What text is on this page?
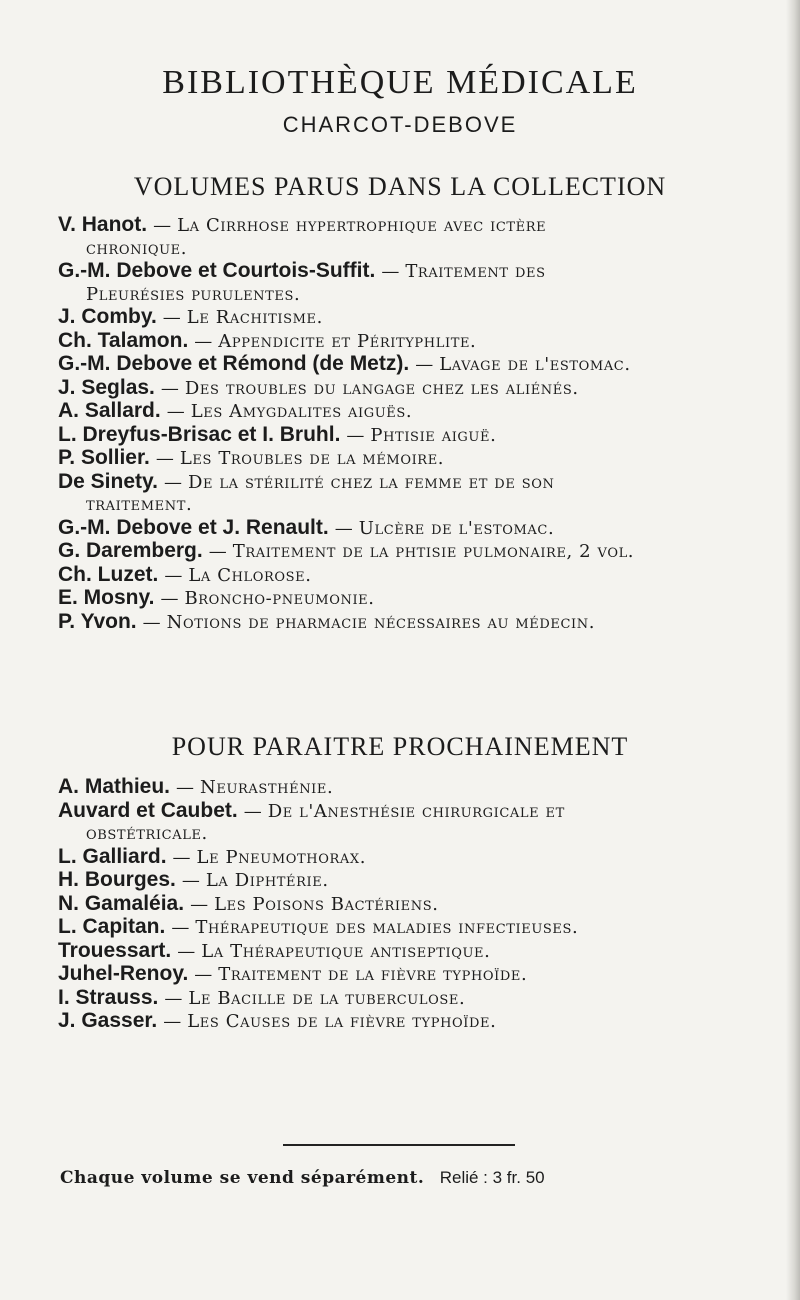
BIBLIOTHÈQUE MÉDICALE
CHARCOT-DEBOVE
VOLUMES PARUS DANS LA COLLECTION
V. Hanot. — La Cirrhose hypertrophique avec ictère
chronique.
G.-M. Debove et Courtois-Suffit. — Traitement des
Pleurésies purulentes.
J. Comby. — Le Rachitisme.
Ch. Talamon. — Appendicite et Pérityphlite.
G.-M. Debove et Rémond (de Metz). — Lavage de l'estomac.
J. Seglas. — Des troubles du langage chez les aliénés.
A. Sallard. — Les Amygdalites aiguës.
L. Dreyfus-Brisac et I. Bruhl. — Phtisie aiguë.
P. Sollier. — Les Troubles de la mémoire.
De Sinety. — De la stérilité chez la femme et de son
traitement.
G.-M. Debove et J. Renault. — Ulcère de l'estomac.
G. Daremberg. — Traitement de la phtisie pulmonaire, 2 vol.
Ch. Luzet. — La Chlorose.
E. Mosny. — Broncho-pneumonie.
P. Yvon. — Notions de pharmacie nécessaires au médecin.
POUR PARAITRE PROCHAINEMENT
A. Mathieu. — Neurasthénie.
Auvard et Caubet. — De l'Anesthésie chirurgicale et
obstétricale.
L. Galliard. — Le Pneumothorax.
H. Bourges. — La Diphtérie.
N. Gamaléia. — Les Poisons Bactériens.
L. Capitan. — Thérapeutique des maladies infectieuses.
Trouessart. — La Thérapeutique antiseptique.
Juhel-Renoy. — Traitement de la fièvre typhoïde.
I. Strauss. — Le Bacille de la tuberculose.
J. Gasser. — Les Causes de la fièvre typhoïde.
Chaque volume se vend séparément. Relié : 3 fr. 50
